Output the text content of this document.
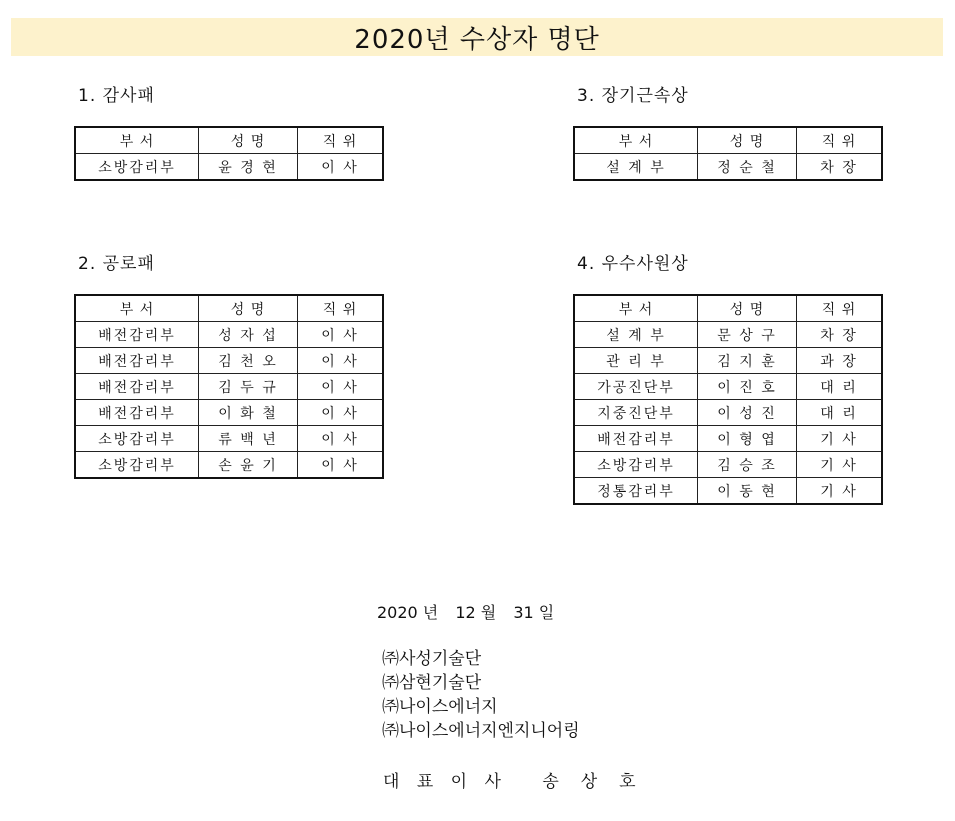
2020년 수상자 명단
1. 감사패
부 서	성 명	직 위
소방감리부	윤 경 현	이 사
3. 장기근속상
부 서	성 명	직 위
설 계 부	정 순 철	차 장
2. 공로패
부 서	성 명	직 위
배전감리부	성 자 섭	이 사
배전감리부	김 천 오	이 사
배전감리부	김 두 규	이 사
배전감리부	이 화 철	이 사
소방감리부	류 백 년	이 사
소방감리부	손 윤 기	이 사
4. 우수사원상
부 서	성 명	직 위
설 계 부	문 상 구	차 장
관 리 부	김 지 훈	과 장
가공진단부	이 진 호	대 리
지중진단부	이 성 진	대 리
배전감리부	이 형 엽	기 사
소방감리부	김 승 조	기 사
정통감리부	이 동 현	기 사
2020 년 12 월 31 일
㈜사성기술단
㈜삼현기술단
㈜나이스에너지
㈜나이스에너지엔지니어링
대 표 이 사 송상호
